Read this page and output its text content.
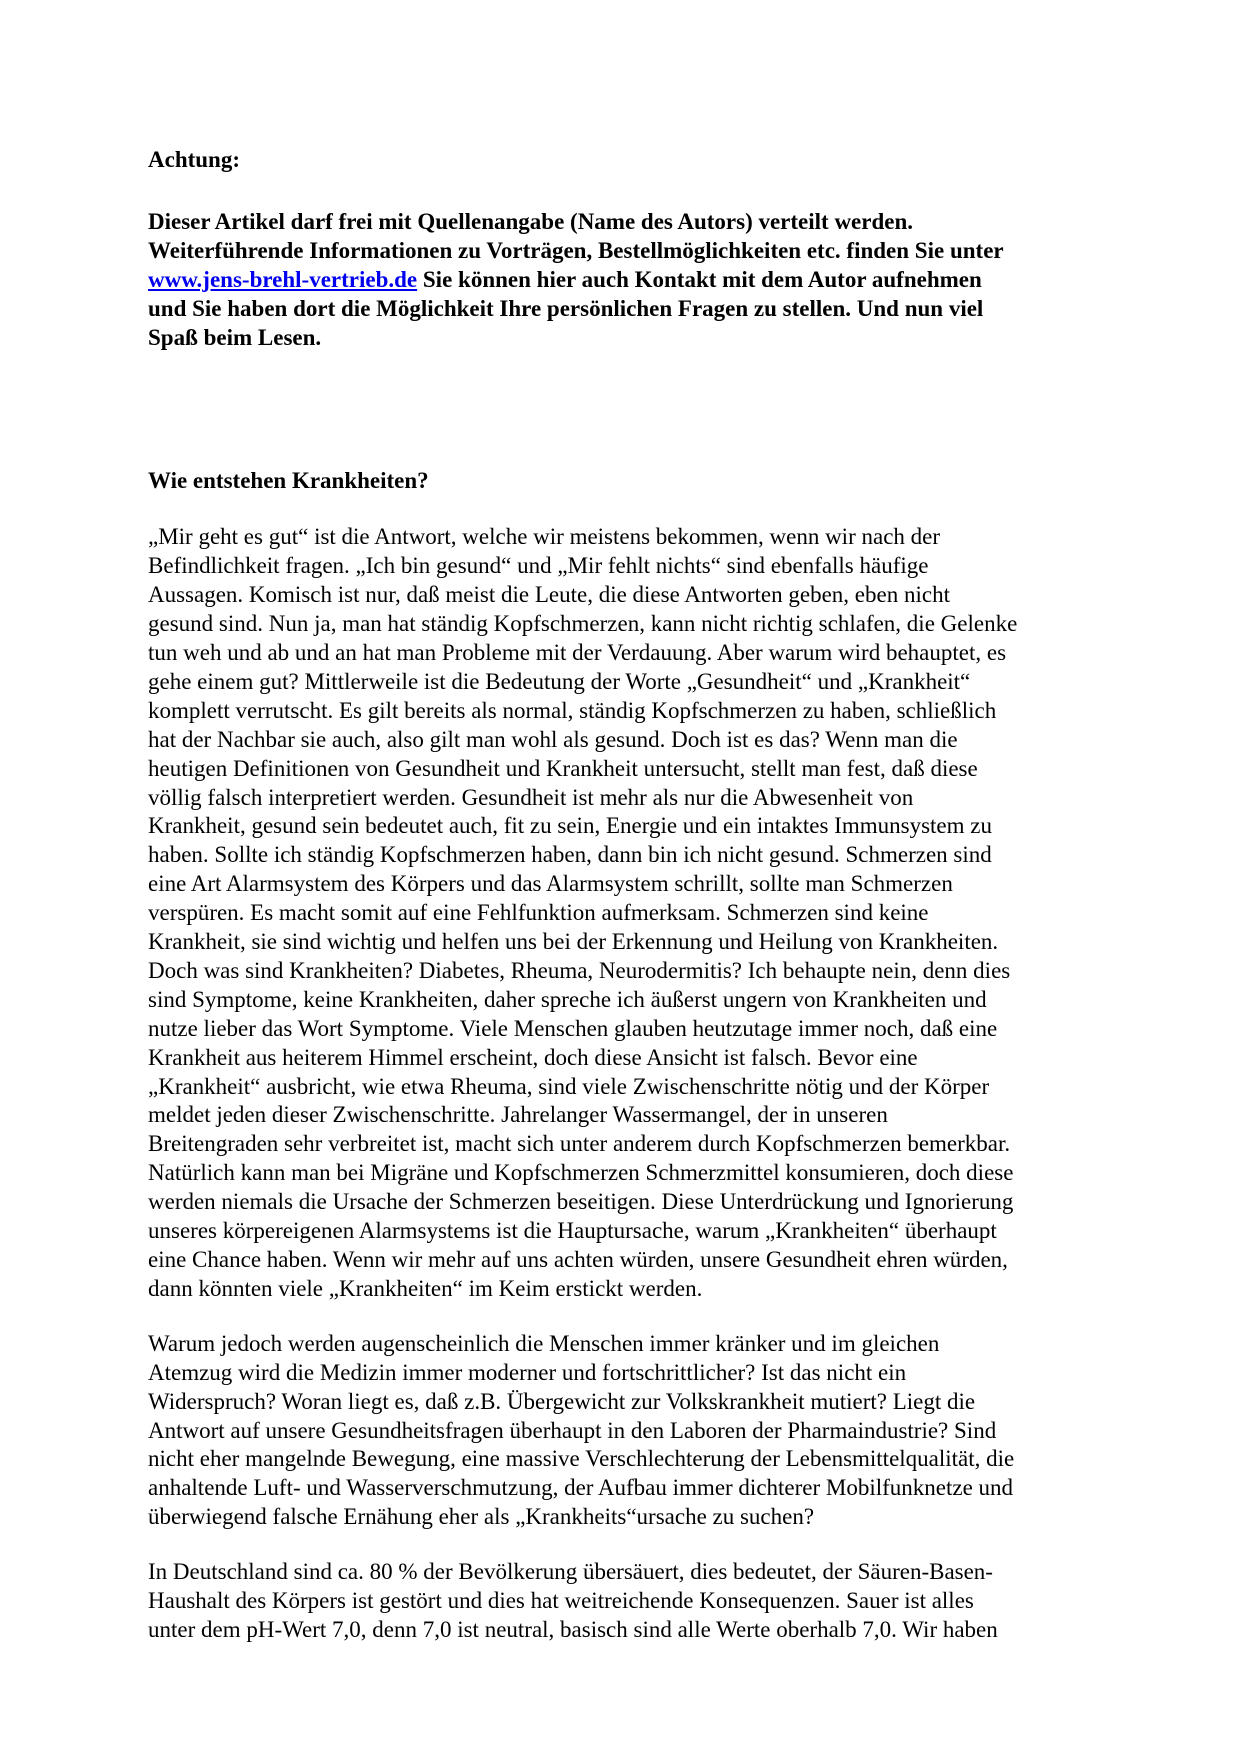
Achtung:

Dieser Artikel darf frei mit Quellenangabe (Name des Autors) verteilt werden.
Weiterführende Informationen zu Vorträgen, Bestellmöglichkeiten etc. finden Sie unter
www.jens-brehl-vertrieb.de Sie können hier auch Kontakt mit dem Autor aufnehmen
und Sie haben dort die Möglichkeit Ihre persönlichen Fragen zu stellen. Und nun viel
Spaß beim Lesen.

Wie entstehen Krankheiten?

„Mir geht es gut“ ist die Antwort, welche wir meistens bekommen, wenn wir nach der
Befindlichkeit fragen. „Ich bin gesund“ und „Mir fehlt nichts“ sind ebenfalls häufige
Aussagen. Komisch ist nur, daß meist die Leute, die diese Antworten geben, eben nicht
gesund sind. Nun ja, man hat ständig Kopfschmerzen, kann nicht richtig schlafen, die Gelenke
tun weh und ab und an hat man Probleme mit der Verdauung. Aber warum wird behauptet, es
gehe einem gut? Mittlerweile ist die Bedeutung der Worte „Gesundheit“ und „Krankheit“
komplett verrutscht. Es gilt bereits als normal, ständig Kopfschmerzen zu haben, schließlich
hat der Nachbar sie auch, also gilt man wohl als gesund. Doch ist es das? Wenn man die
heutigen Definitionen von Gesundheit und Krankheit untersucht, stellt man fest, daß diese
völlig falsch interpretiert werden. Gesundheit ist mehr als nur die Abwesenheit von
Krankheit, gesund sein bedeutet auch, fit zu sein, Energie und ein intaktes Immunsystem zu
haben. Sollte ich ständig Kopfschmerzen haben, dann bin ich nicht gesund. Schmerzen sind
eine Art Alarmsystem des Körpers und das Alarmsystem schrillt, sollte man Schmerzen
verspüren. Es macht somit auf eine Fehlfunktion aufmerksam. Schmerzen sind keine
Krankheit, sie sind wichtig und helfen uns bei der Erkennung und Heilung von Krankheiten.
Doch was sind Krankheiten? Diabetes, Rheuma, Neurodermitis? Ich behaupte nein, denn dies
sind Symptome, keine Krankheiten, daher spreche ich äußerst ungern von Krankheiten und
nutze lieber das Wort Symptome. Viele Menschen glauben heutzutage immer noch, daß eine
Krankheit aus heiterem Himmel erscheint, doch diese Ansicht ist falsch. Bevor eine
„Krankheit“ ausbricht, wie etwa Rheuma, sind viele Zwischenschritte nötig und der Körper
meldet jeden dieser Zwischenschritte. Jahrelanger Wassermangel, der in unseren
Breitengraden sehr verbreitet ist, macht sich unter anderem durch Kopfschmerzen bemerkbar.
Natürlich kann man bei Migräne und Kopfschmerzen Schmerzmittel konsumieren, doch diese
werden niemals die Ursache der Schmerzen beseitigen. Diese Unterdrückung und Ignorierung
unseres körpereigenen Alarmsystems ist die Hauptursache, warum „Krankheiten“ überhaupt
eine Chance haben. Wenn wir mehr auf uns achten würden, unsere Gesundheit ehren würden,
dann könnten viele „Krankheiten“ im Keim erstickt werden.
Warum jedoch werden augenscheinlich die Menschen immer kränker und im gleichen
Atemzug wird die Medizin immer moderner und fortschrittlicher? Ist das nicht ein
Widerspruch? Woran liegt es, daß z.B. Übergewicht zur Volkskrankheit mutiert? Liegt die
Antwort auf unsere Gesundheitsfragen überhaupt in den Laboren der Pharmaindustrie? Sind
nicht eher mangelnde Bewegung, eine massive Verschlechterung der Lebensmittelqualität, die
anhaltende Luft- und Wasserverschmutzung, der Aufbau immer dichterer Mobilfunknetze und
überwiegend falsche Ernähung eher als „Krankheits“ursache zu suchen?
In Deutschland sind ca. 80 % der Bevölkerung übersäuert, dies bedeutet, der Säuren-Basen-
Haushalt des Körpers ist gestört und dies hat weitreichende Konsequenzen. Sauer ist alles
unter dem pH-Wert 7,0, denn 7,0 ist neutral, basisch sind alle Werte oberhalb 7,0. Wir haben
